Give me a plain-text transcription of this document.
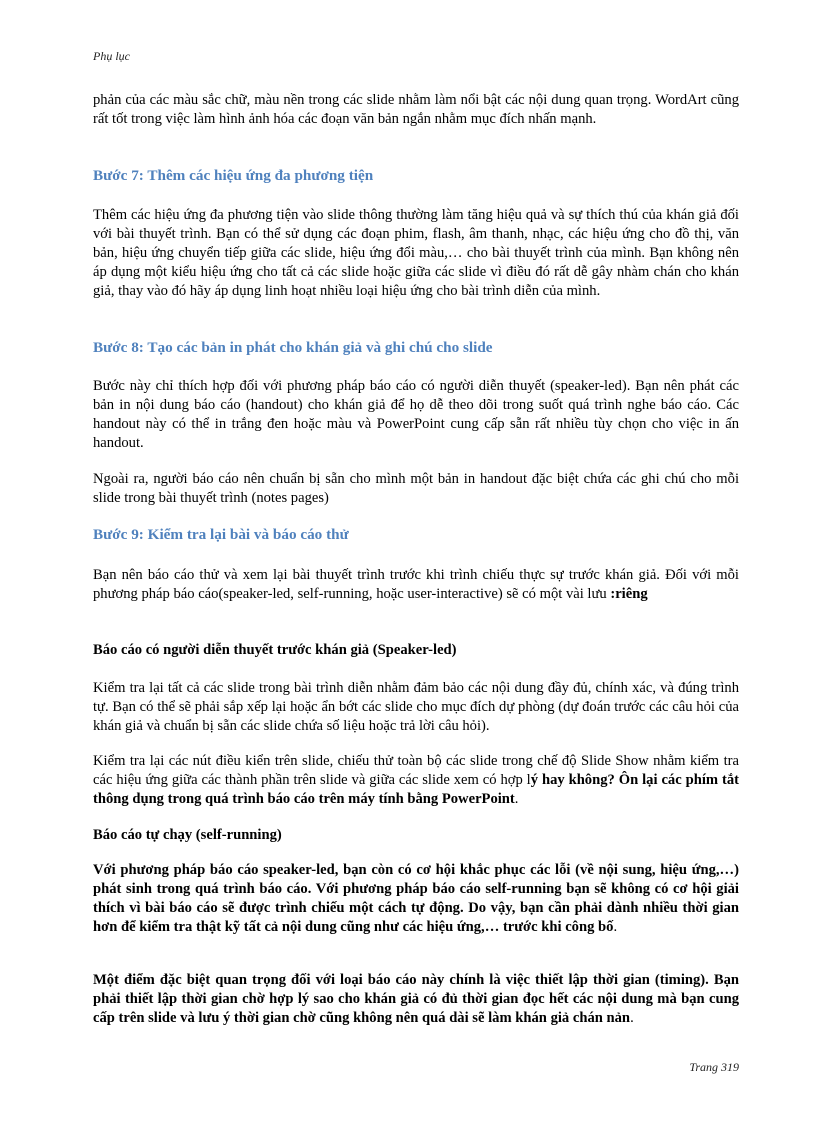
Phụ lục

phản của các màu sắc chữ, màu nền trong các slide nhằm làm nổi bật các nội dung quan trọng. WordArt cũng rất tốt trong việc làm hình ảnh hóa các đoạn văn bản ngắn nhằm mục đích nhấn mạnh.

Bước 7: Thêm các hiệu ứng đa phương tiện

Thêm các hiệu ứng đa phương tiện vào slide thông thường làm tăng hiệu quả và sự thích thú của khán giả đối với bài thuyết trình. Bạn có thể sử dụng các đoạn phim, flash, âm thanh, nhạc, các hiệu ứng cho đồ thị, văn bản, hiệu ứng chuyển tiếp giữa các slide, hiệu ứng đổi màu,… cho bài thuyết trình của mình. Bạn không nên áp dụng một kiểu hiệu ứng cho tất cả các slide hoặc giữa các slide vì điều đó rất dễ gây nhàm chán cho khán giả, thay vào đó hãy áp dụng linh hoạt nhiều loại hiệu ứng cho bài trình diễn của mình.

Bước 8: Tạo các bản in phát cho khán giả và ghi chú cho slide

Bước này chỉ thích hợp đối với phương pháp báo cáo có người diễn thuyết (speaker-led). Bạn nên phát các bản in nội dung báo cáo (handout) cho khán giả để họ dễ theo dõi trong suốt quá trình nghe báo cáo. Các handout này có thể in trắng đen hoặc màu và PowerPoint cung cấp sẵn rất nhiều tùy chọn cho việc in ấn handout.

Ngoài ra, người báo cáo nên chuẩn bị sẵn cho mình một bản in handout đặc biệt chứa các ghi chú cho mỗi slide trong bài thuyết trình (notes pages)

Bước 9: Kiểm tra lại bài và báo cáo thử

Bạn nên báo cáo thử và xem lại bài thuyết trình trước khi trình chiếu thực sự trước khán giả. Đối với mỗi phương pháp báo cáo(speaker-led, self-running, hoặc user-interactive) sẽ có một vài lưu :riêng

Báo cáo có người diễn thuyết trước khán giả (Speaker-led)

Kiểm tra lại tất cả các slide trong bài trình diễn nhằm đảm bảo các nội dung đầy đủ, chính xác, và đúng trình tự. Bạn có thể sẽ phải sắp xếp lại hoặc ẩn bớt các slide cho mục đích dự phòng (dự đoán trước các câu hỏi của khán giả và chuẩn bị sẵn các slide chứa số liệu hoặc trả lời câu hỏi).

Kiểm tra lại các nút điều kiển trên slide, chiếu thử toàn bộ các slide trong chế độ Slide Show nhằm kiểm tra các hiệu ứng giữa các thành phần trên slide và giữa các slide xem có hợp lý hay không? Ôn lại các phím tắt thông dụng trong quá trình báo cáo trên máy tính bằng PowerPoint.

Báo cáo tự chạy (self-running)

Với phương pháp báo cáo speaker-led, bạn còn có cơ hội khắc phục các lỗi (về nội sung, hiệu ứng,…) phát sinh trong quá trình báo cáo. Với phương pháp báo cáo self-running bạn sẽ không có cơ hội giải thích vì bài báo cáo sẽ được trình chiếu một cách tự động. Do vậy, bạn cần phải dành nhiều thời gian hơn để kiểm tra thật kỹ tất cả nội dung cũng như các hiệu ứng,… trước khi công bố.

Một điểm đặc biệt quan trọng đối với loại báo cáo này chính là việc thiết lập thời gian (timing). Bạn phải thiết lập thời gian chờ hợp lý sao cho khán giả có đủ thời gian đọc hết các nội dung mà bạn cung cấp trên slide và lưu ý thời gian chờ cũng không nên quá dài sẽ làm khán giả chán nản.

Trang 319
